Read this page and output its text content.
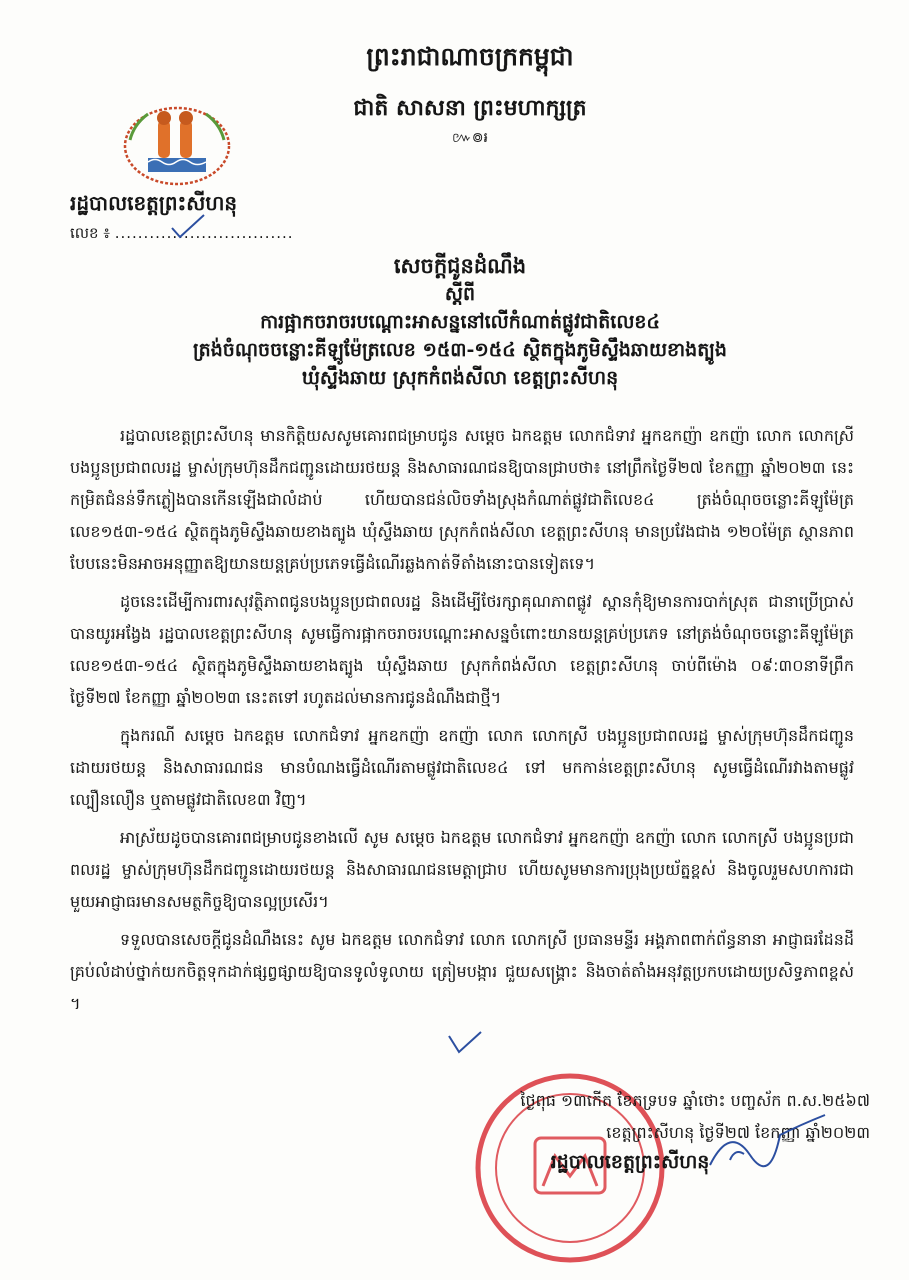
ព្រះរាជាណាចក្រកម្ពុជា
ជាតិ សាសនា ព្រះមហាក្សត្រ
៚៙៛
រដ្ឋបាលខេត្តព្រះសីហនុ
លេខ ៖ ...............................
សេចក្តីជូនដំណឹង
ស្តីពី
ការផ្អាកចរាចរបណ្តោះអាសន្ននៅលើកំណាត់ផ្លូវជាតិលេខ៤
ត្រង់ចំណុចចន្លោះគីឡូម៉ែត្រលេខ ១៥៣-១៥៤ ស្ថិតក្នុងភូមិស្ទឹងឆាយខាងត្បូង
ឃុំស្ទឹងឆាយ ស្រុកកំពង់សីលា ខេត្តព្រះសីហនុ

រដ្ឋបាលខេត្តព្រះសីហនុ មានកិត្តិយសសូមគោរពជម្រាបជូន សម្តេច ឯកឧត្តម លោកជំទាវ អ្នកឧកញ៉ា ឧកញ៉ា លោក លោកស្រី បងប្អូនប្រជាពលរដ្ឋ ម្ចាស់ក្រុមហ៊ុនដឹកជញ្ជូនដោយរថយន្ត និងសាធារណជនឱ្យបានជ្រាបថា៖ នៅព្រឹកថ្ងៃទី២៧ ខែកញ្ញា ឆ្នាំ២០២៣ នេះ កម្រិតជំនន់ទឹកភ្លៀងបានកើនឡើងជាលំដាប់ ហើយបានជន់លិចទាំងស្រុងកំណាត់ផ្លូវជាតិលេខ៤ ត្រង់ចំណុចចន្លោះគីឡូម៉ែត្រលេខ១៥៣-១៥៤ ស្ថិតក្នុងភូមិស្ទឹងឆាយខាងត្បូង ឃុំស្ទឹងឆាយ ស្រុកកំពង់សីលា ខេត្តព្រះសីហនុ មានប្រវែងជាង ១២០ម៉ែត្រ ស្ថានភាពបែបនេះមិនអាចអនុញ្ញាតឱ្យយានយន្តគ្រប់ប្រភេទធ្វើដំណើរឆ្លងកាត់ទីតាំងនោះបានទៀតទេ។

ដូចនេះដើម្បីការពារសុវត្ថិភាពជូនបងប្អូនប្រជាពលរដ្ឋ និងដើម្បីថែរក្សាគុណភាពផ្លូវ ស្ពានកុំឱ្យមានការបាក់ស្រុត ជានាប្រើប្រាស់បានយូរអង្វែង រដ្ឋបាលខេត្តព្រះសីហនុ សូមធ្វើការផ្អាកចរាចរបណ្តោះអាសន្នចំពោះយានយន្តគ្រប់ប្រភេទ នៅត្រង់ចំណុចចន្លោះគីឡូម៉ែត្រលេខ១៥៣-១៥៤ ស្ថិតក្នុងភូមិស្ទឹងឆាយខាងត្បូង ឃុំស្ទឹងឆាយ ស្រុកកំពង់សីលា ខេត្តព្រះសីហនុ ចាប់ពីម៉ោង ០៩:៣០នាទីព្រឹក ថ្ងៃទី២៧ ខែកញ្ញា ឆ្នាំ២០២៣ នេះតទៅ រហូតដល់មានការជូនដំណឹងជាថ្មី។

ក្នុងករណី សម្តេច ឯកឧត្តម លោកជំទាវ អ្នកឧកញ៉ា ឧកញ៉ា លោក លោកស្រី បងប្អូនប្រជាពលរដ្ឋ ម្ចាស់ក្រុមហ៊ុនដឹកជញ្ជូនដោយរថយន្ត និងសាធារណជន មានបំណងធ្វើដំណើរតាមផ្លូវជាតិលេខ៤ ទៅ មកកាន់ខេត្តព្រះសីហនុ សូមធ្វើដំណើរវាងតាមផ្លូវល្បឿនលឿន ឬតាមផ្លូវជាតិលេខ៣ វិញ។

អាស្រ័យដូចបានគោរពជម្រាបជូនខាងលើ សូម សម្តេច ឯកឧត្តម លោកជំទាវ អ្នកឧកញ៉ា ឧកញ៉ា លោក លោកស្រី បងប្អូនប្រជាពលរដ្ឋ ម្ចាស់ក្រុមហ៊ុនដឹកជញ្ជូនដោយរថយន្ត និងសាធារណជនមេត្តាជ្រាប ហើយសូមមានការប្រុងប្រយ័ត្នខ្ពស់ និងចូលរួមសហការជាមួយអាជ្ញាធរមានសមត្ថកិច្ចឱ្យបានល្អប្រសើរ។

ទទួលបានសេចក្តីជូនដំណឹងនេះ សូម ឯកឧត្តម លោកជំទាវ លោក លោកស្រី ប្រធានមន្ទីរ អង្គភាពពាក់ព័ន្ធនានា អាជ្ញាធរដែនដីគ្រប់លំដាប់ថ្នាក់យកចិត្តទុកដាក់ផ្សព្វផ្សាយឱ្យបានទូលំទូលាយ ត្រៀមបង្ការ ជួយសង្គ្រោះ និងចាត់តាំងអនុវត្តប្រកបដោយប្រសិទ្ធភាពខ្ពស់ ។

ថ្ងៃពុធ ១៣កើត ខែភទ្របទ ឆ្នាំថោះ បញ្ចស័ក ព.ស.២៥៦៧
ខេត្តព្រះសីហនុ ថ្ងៃទី២៧ ខែកញ្ញា ឆ្នាំ២០២៣
រដ្ឋបាលខេត្តព្រះសីហនុ
